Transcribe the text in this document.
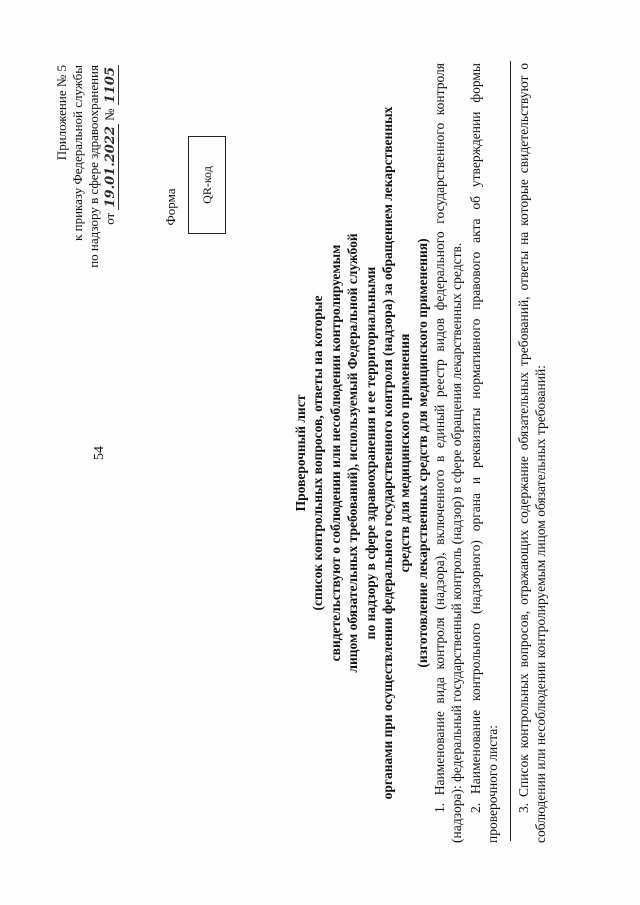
54
Приложение № 5 к приказу Федеральной службы по надзору в сфере здравоохранения от 19.01.2022 № 1105
Форма
QR-код
Проверочный лист (список контрольных вопросов, ответы на которые свидетельствуют о соблюдении или несоблюдении контролируемым лицом обязательных требований), используемый Федеральной службой по надзору в сфере здравоохранения и ее территориальными органами при осуществлении федерального государственного контроля (надзора) за обращением лекарственных средств для медицинского применения (изготовление лекарственных средств для медицинского применения) 1. Наименование вида контроля (надзора), включенного в единый реестр видов федерального государственного контроля (надзора): федеральный государственный контроль (надзор) в сфере обращения лекарственных средств. 2. Наименование контрольного (надзорного) органа и реквизиты нормативного правового акта об утверждении формы проверочного листа: 3. Список контрольных вопросов, отражающих содержание обязательных требований, ответы на которые свидетельствуют о соблюдении или несоблюдении контролируемым лицом обязательных требований:
